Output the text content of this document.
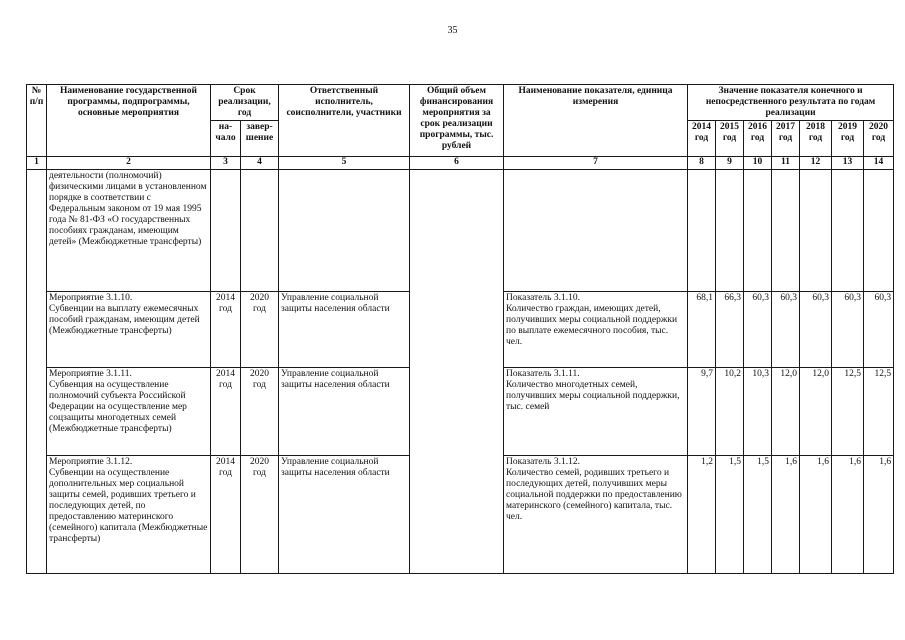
35
№ п/п	Наименование государственной программы, подпрограммы, основные мероприятия	Срок реализации, год		Ответственный исполнитель, соисполнители, участники	Общий объем финансирования мероприятия за срок реализации программы, тыс. рублей	Наименование показателя, единица измерения	Значение показателя конечного и непосредственного результата по годам реализации						
		на-чало	завер-шение				2014 год	2015 год	2016 год	2017 год	2018 год	2019 год	2020 год
1	2	3	4	5	6	7	8	9	10	11	12	13	14
	деятельности (полномочий) физическими лицами в установленном порядке в соответствии с Федеральным законом от 19 мая 1995 года № 81-ФЗ «О государственных пособиях гражданам, имеющим детей» (Межбюджетные трансферты)												
	Мероприятие 3.1.10.
Субвенции на выплату ежемесячных пособий гражданам, имеющим детей (Межбюджетные трансферты)	2014 год	2020 год	Управление социальной защиты населения области		Показатель 3.1.10.
Количество граждан, имеющих детей, получивших меры социальной поддержки по выплате ежемесячного пособия, тыс. чел.	68,1	66,3	60,3	60,3	60,3	60,3	60,3
	Мероприятие 3.1.11.
Субвенция на осуществление полномочий субъекта Российской Федерации на осуществление мер соцзащиты многодетных семей (Межбюджетные трансферты)	2014 год	2020 год	Управление социальной защиты населения области		Показатель 3.1.11.
Количество многодетных семей, получивших меры социальной поддержки, тыс. семей	9,7	10,2	10,3	12,0	12,0	12,5	12,5
	Мероприятие 3.1.12.
Субвенции на осуществление дополнительных мер социальной защиты семей, родивших третьего и последующих детей, по предоставлению материнского (семейного) капитала (Межбюджетные трансферты)	2014 год	2020 год	Управление социальной защиты населения области		Показатель 3.1.12.
Количество семей, родивших третьего и последующих детей, получивших меры социальной поддержки по предоставлению материнского (семейного) капитала, тыс. чел.	1,2	1,5	1,5	1,6	1,6	1,6	1,6
